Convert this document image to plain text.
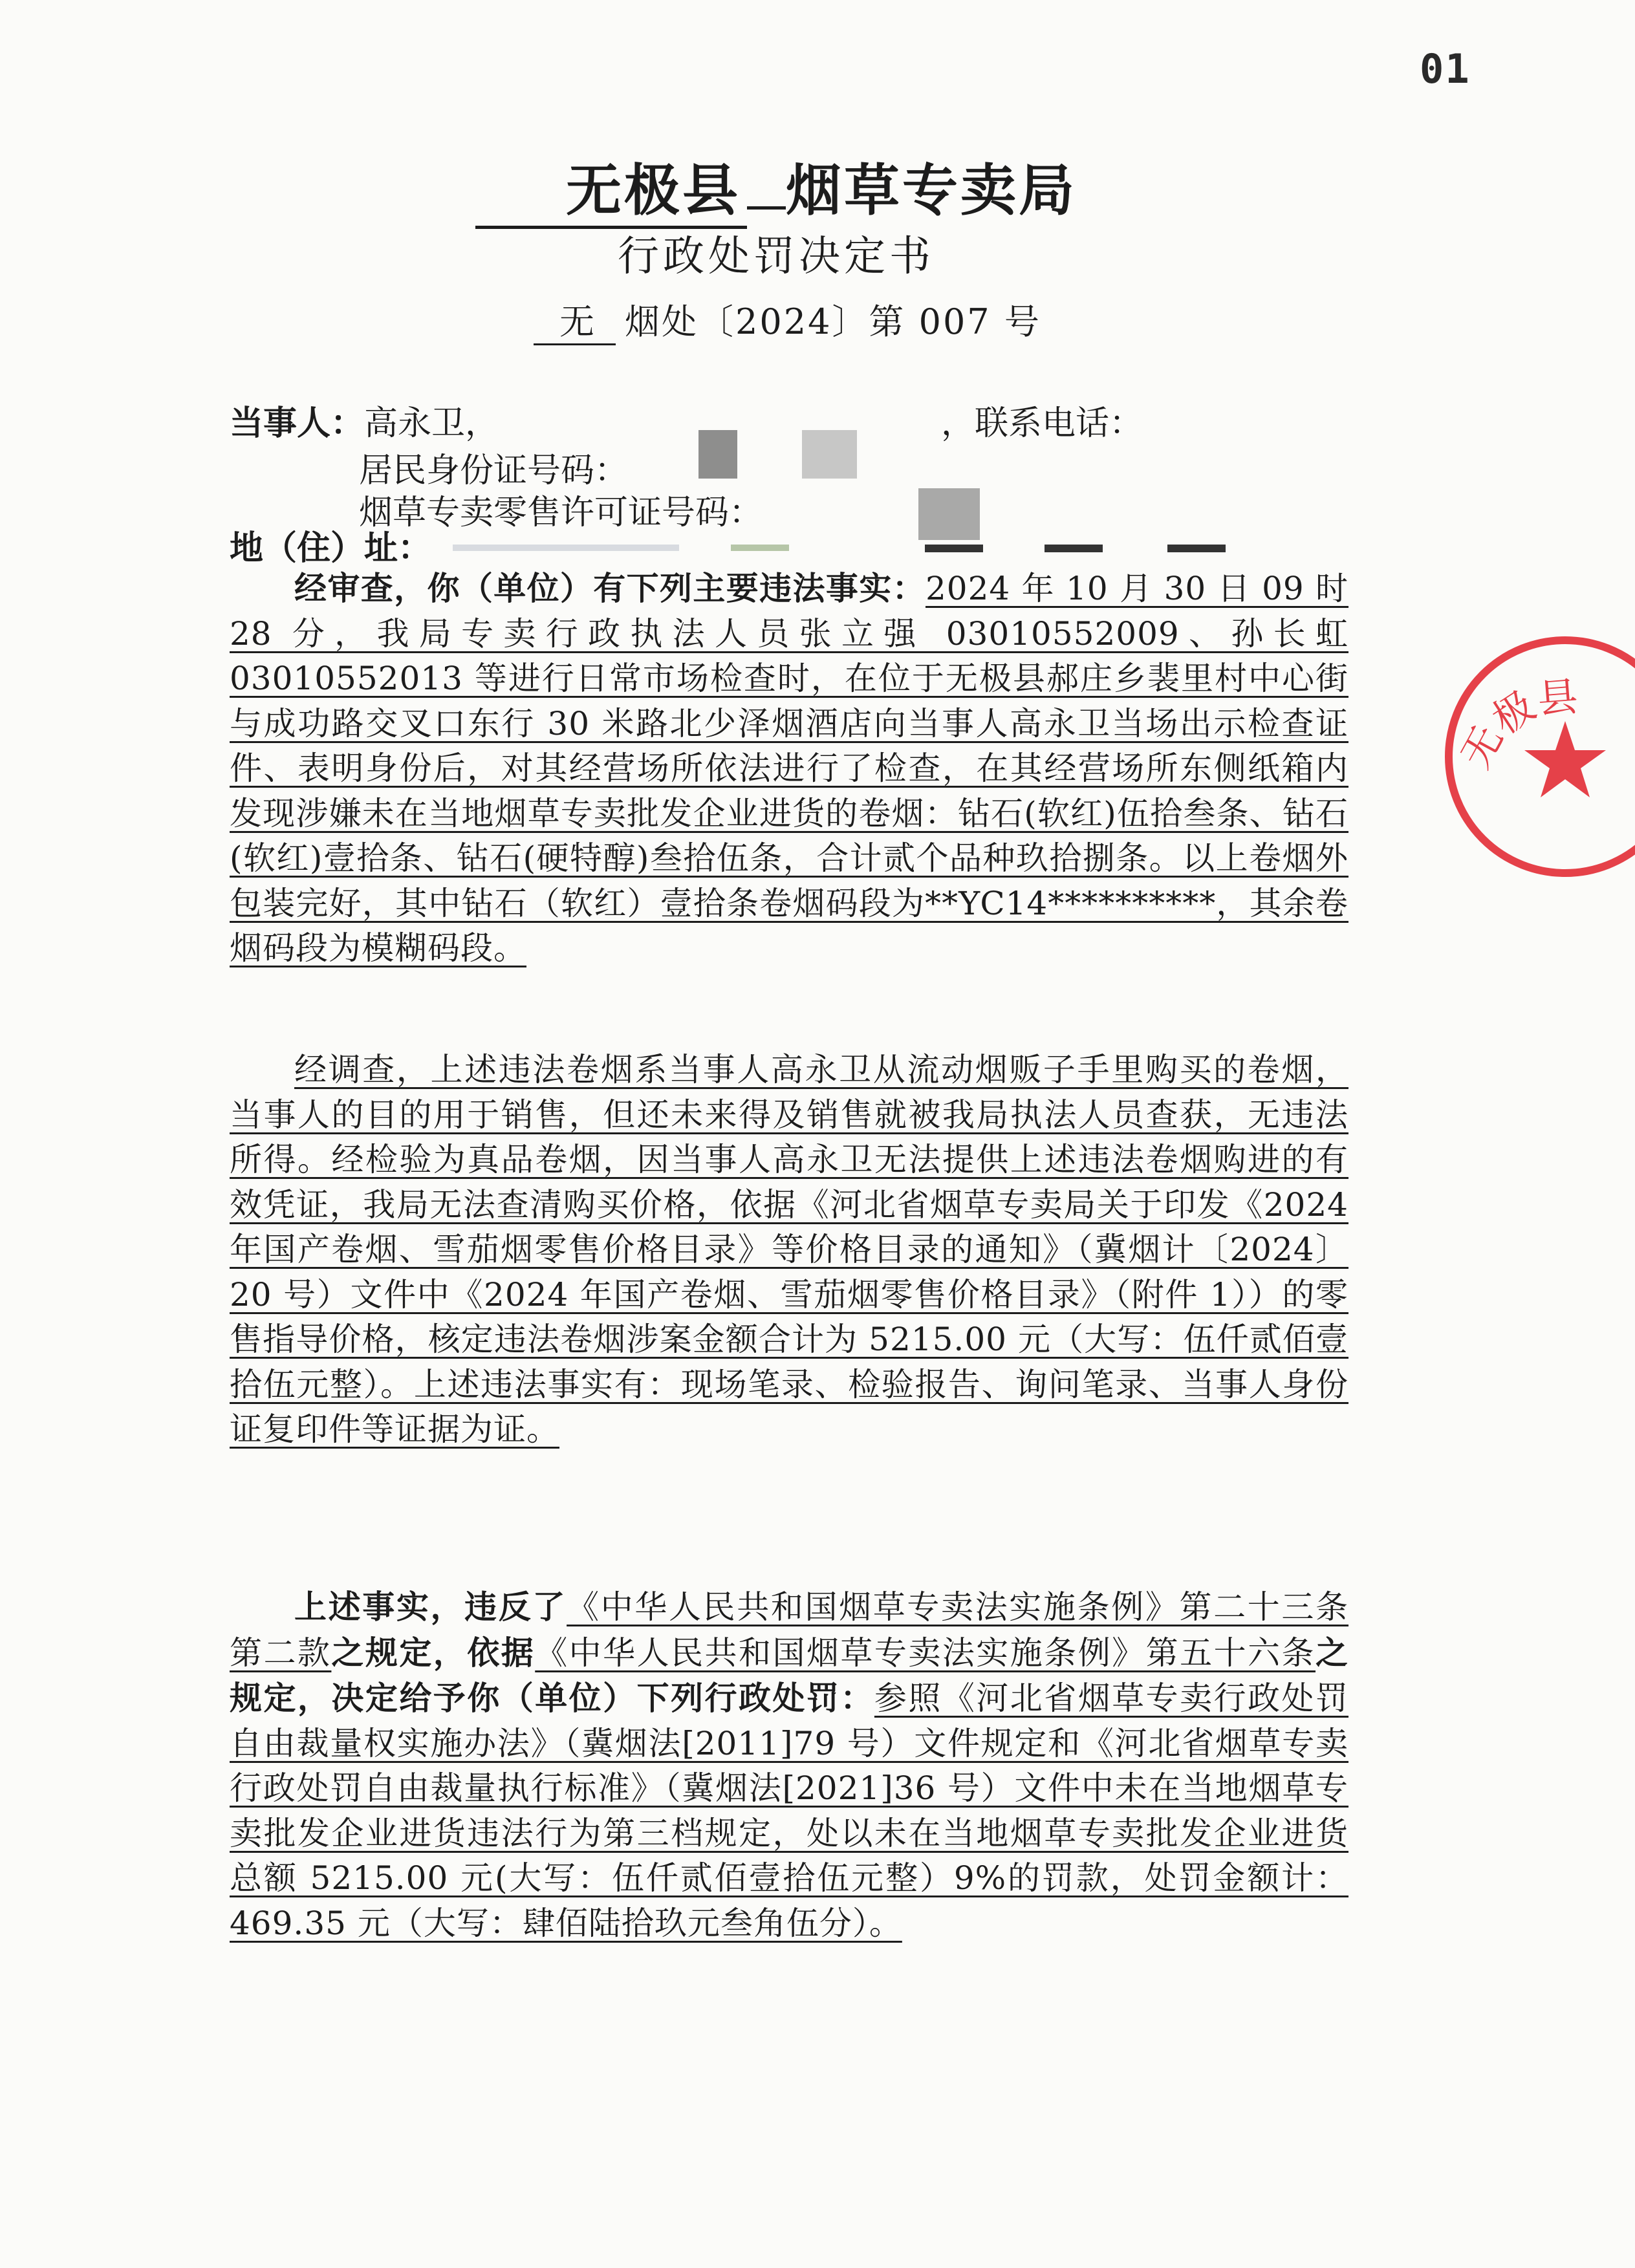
01
无极县 烟草专卖局
行政处罚决定书
无 烟处〔2024〕第 007 号
当事人：高永卫，	，联系电话：
居民身份证号码：
烟草专卖零售许可证号码：
地（住）址：

经审查，你（单位）有下列主要违法事实：2024 年 10 月 30 日 09 时 28 分，我局专卖行政执法人员张立强 03010552009、孙长虹 03010552013 等进行日常市场检查时，在位于无极县郝庄乡裴里村中心街与成功路交叉口东行 30 米路北少泽烟酒店向当事人高永卫当场出示检查证件、表明身份后，对其经营场所依法进行了检查，在其经营场所东侧纸箱内发现涉嫌未在当地烟草专卖批发企业进货的卷烟：钻石(软红)伍拾叁条、钻石(软红)壹拾条、钻石(硬特醇)叁拾伍条，合计贰个品种玖拾捌条。以上卷烟外包装完好，其中钻石（软红）壹拾条卷烟码段为**YC14**********，其余卷烟码段为模糊码段。

经调查，上述违法卷烟系当事人高永卫从流动烟贩子手里购买的卷烟，当事人的目的用于销售，但还未来得及销售就被我局执法人员查获，无违法所得。经检验为真品卷烟，因当事人高永卫无法提供上述违法卷烟购进的有效凭证，我局无法查清购买价格，依据《河北省烟草专卖局关于印发《2024 年国产卷烟、雪茄烟零售价格目录》等价格目录的通知》（冀烟计〔2024〕20 号）文件中《2024 年国产卷烟、雪茄烟零售价格目录》（附件 1））的零售指导价格，核定违法卷烟涉案金额合计为 5215.00 元（大写：伍仟贰佰壹拾伍元整）。上述违法事实有：现场笔录、检验报告、询问笔录、当事人身份证复印件等证据为证。

上述事实，违反了《中华人民共和国烟草专卖法实施条例》第二十三条第二款之规定，依据《中华人民共和国烟草专卖法实施条例》第五十六条之规定，决定给予你（单位）下列行政处罚：参照《河北省烟草专卖行政处罚自由裁量权实施办法》（冀烟法[2011]79 号）文件规定和《河北省烟草专卖行政处罚自由裁量执行标准》（冀烟法[2021]36 号）文件中未在当地烟草专卖批发企业进货违法行为第三档规定，处以未在当地烟草专卖批发企业进货总额 5215.00 元(大写：伍仟贰佰壹拾伍元整）9%的罚款，处罚金额计：469.35 元（大写：肆佰陆拾玖元叁角伍分）。

无极县
